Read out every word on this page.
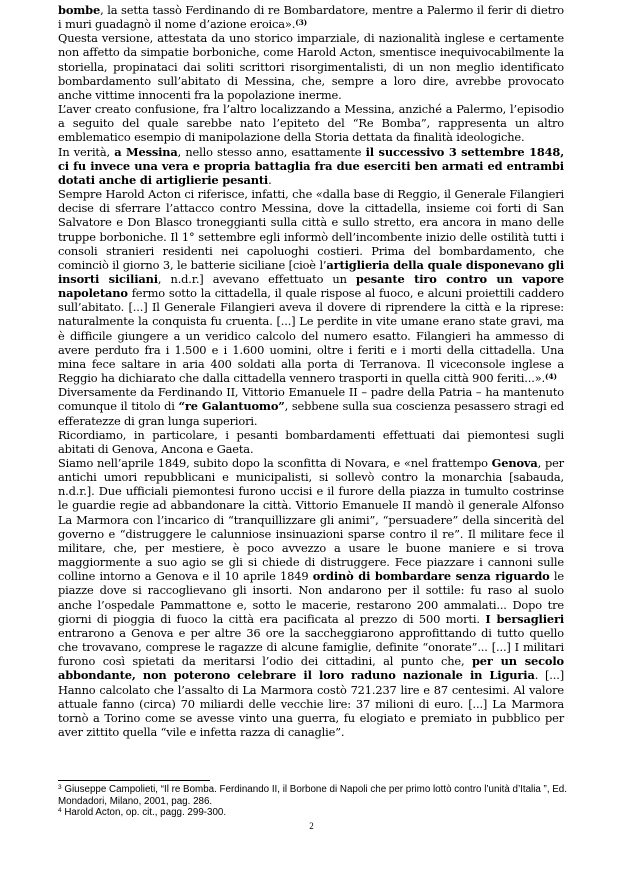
bombe, la setta tassò Ferdinando di re Bombardatore, mentre a Palermo il ferir di dietro i muri guadagnò il nome d’azione eroica».$^{(3)}$

Questa versione, attestata da uno storico imparziale, di nazionalità inglese e certamente non affetto da simpatie borboniche, come Harold Acton, smentisce inequivocabilmente la storiella, propinataci dai soliti scrittori risorgimentalisti, di un non meglio identificato bombardamento sull’abitato di Messina, che, sempre a loro dire, avrebbe provocato anche vittime innocenti fra la popolazione inerme.

L’aver creato confusione, fra l’altro localizzando a Messina, anziché a Palermo, l’episodio a seguito del quale sarebbe nato l’epiteto del “Re Bomba”, rappresenta un altro emblematico esempio di manipolazione della Storia dettata da finalità ideologiche.

In verità, a Messina, nello stesso anno, esattamente il successivo 3 settembre 1848, ci fu invece una vera e propria battaglia fra due eserciti ben armati ed entrambi dotati anche di artiglierie pesanti.

Sempre Harold Acton ci riferisce, infatti, che «dalla base di Reggio, il Generale Filangieri decise di sferrare l’attacco contro Messina, dove la cittadella, insieme coi forti di San Salvatore e Don Blasco troneggianti sulla città e sullo stretto, era ancora in mano delle truppe borboniche. Il 1° settembre egli informò dell’incombente inizio delle ostilità tutti i consoli stranieri residenti nei capoluoghi costieri. Prima del bombardamento, che cominciò il giorno 3, le batterie siciliane [cioè l’artiglieria della quale disponevano gli insorti siciliani, n.d.r.] avevano effettuato un pesante tiro contro un vapore napoletano fermo sotto la cittadella, il quale rispose al fuoco, e alcuni proiettili caddero sull’abitato. [...] Il Generale Filangieri aveva il dovere di riprendere la città e la riprese: naturalmente la conquista fu cruenta. [...] Le perdite in vite umane erano state gravi, ma è difficile giungere a un veridico calcolo del numero esatto. Filangieri ha ammesso di avere perduto fra i 1.500 e i 1.600 uomini, oltre i feriti e i morti della cittadella. Una mina fece saltare in aria 400 soldati alla porta di Terranova. Il viceconsole inglese a Reggio ha dichiarato che dalla cittadella vennero trasporti in quella città 900 feriti...».$^{(4)}$

Diversamente da Ferdinando II, Vittorio Emanuele II – padre della Patria – ha mantenuto comunque il titolo di “re Galantuomo”, sebbene sulla sua coscienza pesassero stragi ed efferatezze di gran lunga superiori.

Ricordiamo, in particolare, i pesanti bombardamenti effettuati dai piemontesi sugli abitati di Genova, Ancona e Gaeta.

Siamo nell’aprile 1849, subito dopo la sconfitta di Novara, e «nel frattempo Genova, per antichi umori repubblicani e municipalisti, si sollevò contro la monarchia [sabauda, n.d.r.]. Due ufficiali piemontesi furono uccisi e il furore della piazza in tumulto costrinse le guardie regie ad abbandonare la città. Vittorio Emanuele II mandò il generale Alfonso La Marmora con l’incarico di “tranquillizzare gli animi”, “persuadere” della sincerità del governo e “distruggere le calunniose insinuazioni sparse contro il re”. Il militare fece il militare, che, per mestiere, è poco avvezzo a usare le buone maniere e si trova maggiormente a suo agio se gli si chiede di distruggere. Fece piazzare i cannoni sulle colline intorno a Genova e il 10 aprile 1849 ordinò di bombardare senza riguardo le piazze dove si raccoglievano gli insorti. Non andarono per il sottile: fu raso al suolo anche l’ospedale Pammattone e, sotto le macerie, restarono 200 ammalati... Dopo tre giorni di pioggia di fuoco la città era pacificata al prezzo di 500 morti. I bersaglieri entrarono a Genova e per altre 36 ore la saccheggiarono approfittando di tutto quello che trovavano, comprese le ragazze di alcune famiglie, definite “onorate”... [...] I militari furono così spietati da meritarsi l’odio dei cittadini, al punto che, per un secolo abbondante, non poterono celebrare il loro raduno nazionale in Liguria. [...] Hanno calcolato che l’assalto di La Marmora costò 721.237 lire e 87 centesimi. Al valore attuale fanno (circa) 70 miliardi delle vecchie lire: 37 milioni di euro. [...] La Marmora tornò a Torino come se avesse vinto una guerra, fu elogiato e premiato in pubblico per aver zittito quella “vile e infetta razza di canaglie”.

$^3$ Giuseppe Campolieti, “Il re Bomba. Ferdinando II, il Borbone di Napoli che per primo lottò contro l’unità d’Italia ”, Ed. Mondadori, Milano, 2001, pag. 286.

$^4$ Harold Acton, op. cit., pagg. 299-300.

2
